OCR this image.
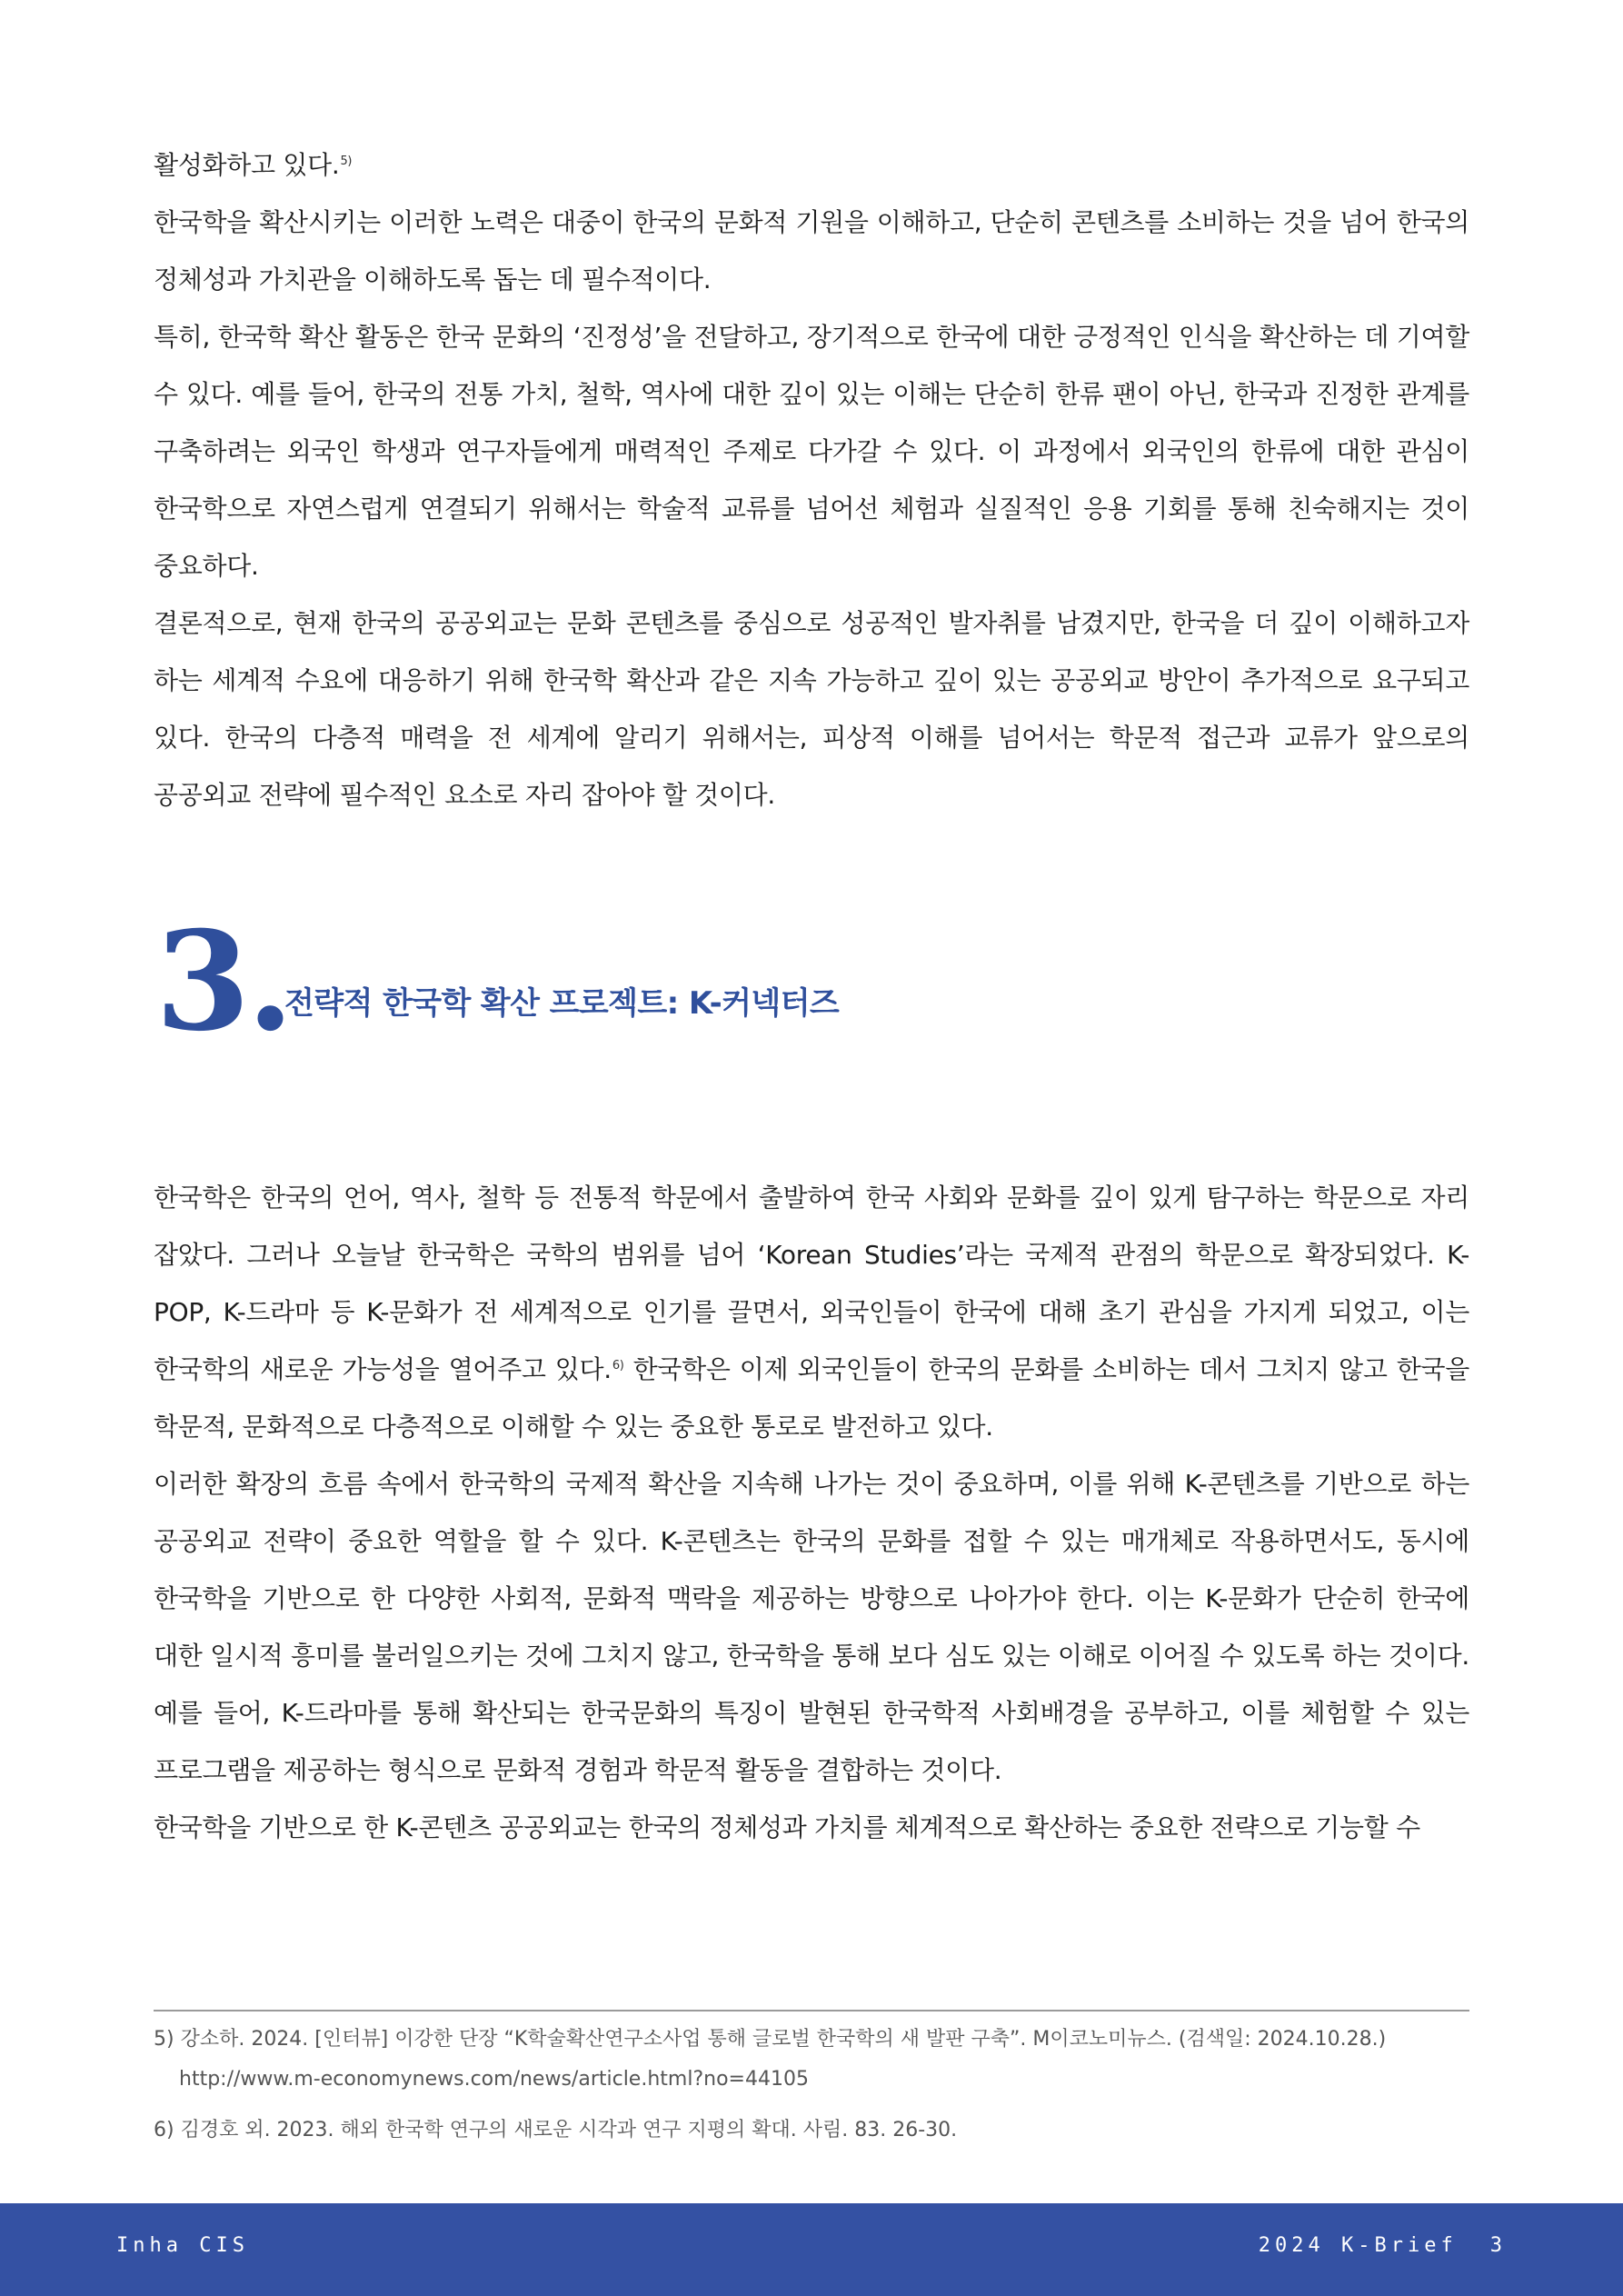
활성화하고 있다.$^{5)}$

한국학을 확산시키는 이러한 노력은 대중이 한국의 문화적 기원을 이해하고, 단순히 콘텐츠를 소비하는 것을 넘어 한국의 정체성과 가치관을 이해하도록 돕는 데 필수적이다.

특히, 한국학 확산 활동은 한국 문화의 ‘진정성’을 전달하고, 장기적으로 한국에 대한 긍정적인 인식을 확산하는 데 기여할 수 있다. 예를 들어, 한국의 전통 가치, 철학, 역사에 대한 깊이 있는 이해는 단순히 한류 팬이 아닌, 한국과 진정한 관계를 구축하려는 외국인 학생과 연구자들에게 매력적인 주제로 다가갈 수 있다. 이 과정에서 외국인의 한류에 대한 관심이 한국학으로 자연스럽게 연결되기 위해서는 학술적 교류를 넘어선 체험과 실질적인 응용 기회를 통해 친숙해지는 것이 중요하다.

결론적으로, 현재 한국의 공공외교는 문화 콘텐츠를 중심으로 성공적인 발자취를 남겼지만, 한국을 더 깊이 이해하고자 하는 세계적 수요에 대응하기 위해 한국학 확산과 같은 지속 가능하고 깊이 있는 공공외교 방안이 추가적으로 요구되고 있다. 한국의 다층적 매력을 전 세계에 알리기 위해서는, 피상적 이해를 넘어서는 학문적 접근과 교류가 앞으로의 공공외교 전략에 필수적인 요소로 자리 잡아야 할 것이다.

3.
전략적 한국학 확산 프로젝트: K-커넥터즈

한국학은 한국의 언어, 역사, 철학 등 전통적 학문에서 출발하여 한국 사회와 문화를 깊이 있게 탐구하는 학문으로 자리 잡았다. 그러나 오늘날 한국학은 국학의 범위를 넘어 ‘Korean Studies’라는 국제적 관점의 학문으로 확장되었다. K-POP, K-드라마 등 K-문화가 전 세계적으로 인기를 끌면서, 외국인들이 한국에 대해 초기 관심을 가지게 되었고, 이는 한국학의 새로운 가능성을 열어주고 있다.$^{6)}$ 한국학은 이제 외국인들이 한국의 문화를 소비하는 데서 그치지 않고 한국을 학문적, 문화적으로 다층적으로 이해할 수 있는 중요한 통로로 발전하고 있다.

이러한 확장의 흐름 속에서 한국학의 국제적 확산을 지속해 나가는 것이 중요하며, 이를 위해 K-콘텐츠를 기반으로 하는 공공외교 전략이 중요한 역할을 할 수 있다. K-콘텐츠는 한국의 문화를 접할 수 있는 매개체로 작용하면서도, 동시에 한국학을 기반으로 한 다양한 사회적, 문화적 맥락을 제공하는 방향으로 나아가야 한다. 이는 K-문화가 단순히 한국에 대한 일시적 흥미를 불러일으키는 것에 그치지 않고, 한국학을 통해 보다 심도 있는 이해로 이어질 수 있도록 하는 것이다. 예를 들어, K-드라마를 통해 확산되는 한국문화의 특징이 발현된 한국학적 사회배경을 공부하고, 이를 체험할 수 있는 프로그램을 제공하는 형식으로 문화적 경험과 학문적 활동을 결합하는 것이다.

한국학을 기반으로 한 K-콘텐츠 공공외교는 한국의 정체성과 가치를 체계적으로 확산하는 중요한 전략으로 기능할 수

5) 강소하. 2024. [인터뷰] 이강한 단장 “K학술확산연구소사업 통해 글로벌 한국학의 새 발판 구축”. M이코노미뉴스. (검색일: 2024.10.28.)
http://www.m-economynews.com/news/article.html?no=44105

6) 김경호 외. 2023. 해외 한국학 연구의 새로운 시각과 연구 지평의 확대. 사림. 83. 26-30.

Inha CIS	2024 K-Brief 3
